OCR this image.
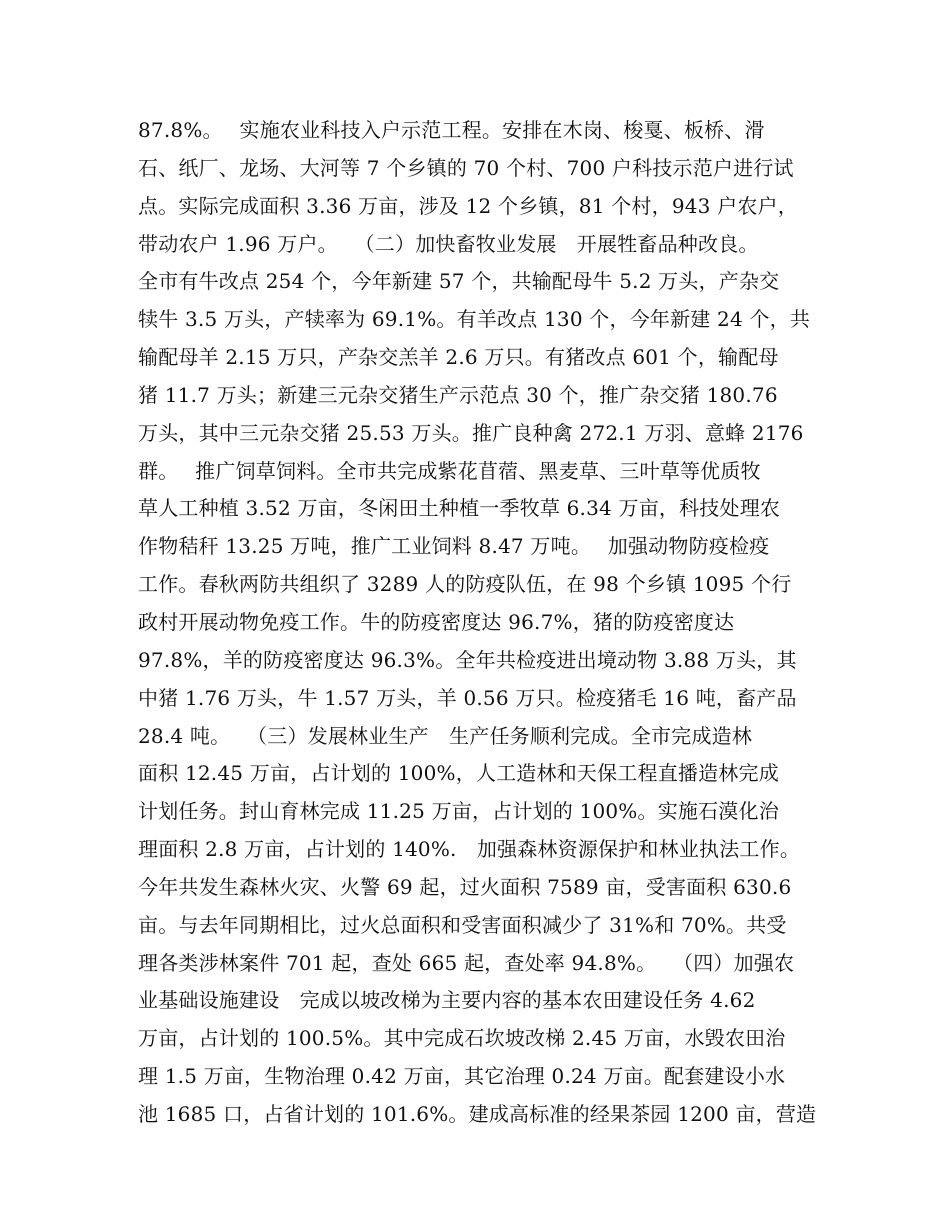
87.8%。　 实施农业科技入户示范工程。安排在木岗、梭戛、板桥、滑
石、纸厂、龙场、大河等 7 个乡镇的 70 个村、700 户科技示范户进行试
点。实际完成面积 3.36 万亩，涉及 12 个乡镇，81 个村，943 户农户，
带动农户 1.96 万户。　 （二）加快畜牧业发展　开展牲畜品种改良。
全市有牛改点 254 个，今年新建 57 个，共输配母牛 5.2 万头，产杂交
犊牛 3.5 万头，产犊率为 69.1%。有羊改点 130 个，今年新建 24 个，共
输配母羊 2.15 万只，产杂交羔羊 2.6 万只。有猪改点 601 个，输配母
猪 11.7 万头；新建三元杂交猪生产示范点 30 个，推广杂交猪 180.76
万头，其中三元杂交猪 25.53 万头。推广良种禽 272.1 万羽、意蜂 2176
群。　 推广饲草饲料。全市共完成紫花苜蓿、黑麦草、三叶草等优质牧
草人工种植 3.52 万亩，冬闲田土种植一季牧草 6.34 万亩，科技处理农
作物秸秆 13.25 万吨，推广工业饲料 8.47 万吨。　 加强动物防疫检疫
工作。春秋两防共组织了 3289 人的防疫队伍，在 98 个乡镇 1095 个行
政村开展动物免疫工作。牛的防疫密度达 96.7%，猪的防疫密度达
97.8%，羊的防疫密度达 96.3%。全年共检疫进出境动物 3.88 万头，其
中猪 1.76 万头，牛 1.57 万头，羊 0.56 万只。检疫猪毛 16 吨，畜产品
28.4 吨。　 （三）发展林业生产　生产任务顺利完成。全市完成造林
面积 12.45 万亩，占计划的 100%，人工造林和天保工程直播造林完成
计划任务。封山育林完成 11.25 万亩，占计划的 100%。实施石漠化治
理面积 2.8 万亩，占计划的 140%.　加强森林资源保护和林业执法工作。
今年共发生森林火灾、火警 69 起，过火面积 7589 亩，受害面积 630.6
亩。与去年同期相比，过火总面积和受害面积减少了 31%和 70%。共受
理各类涉林案件 701 起，查处 665 起，查处率 94.8%。　 （四）加强农
业基础设施建设　完成以坡改梯为主要内容的基本农田建设任务 4.62
万亩，占计划的 100.5%。其中完成石坎坡改梯 2.45 万亩，水毁农田治
理 1.5 万亩，生物治理 0.42 万亩，其它治理 0.24 万亩。配套建设小水
池 1685 口，占省计划的 101.6%。建成高标准的经果茶园 1200 亩，营造
